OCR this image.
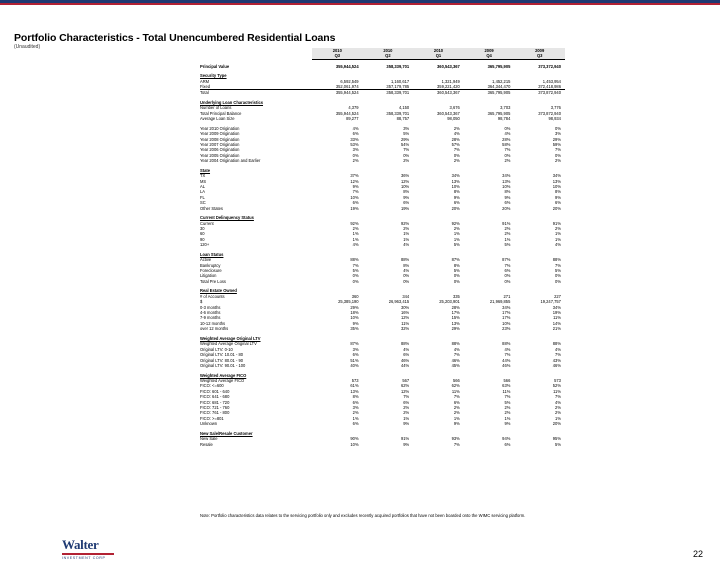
Portfolio Characteristics - Total Unencumbered Residential Loans
(Unaudited)
	2010	2010	2010	2009	2009
	Q3	Q2	Q1	Q4	Q3

Principal Value	355,944,524	358,339,701	360,543,367	365,795,905	373,372,940

Security Type					
ARM	6,592,549	1,160,617	1,321,949	1,452,215	1,453,954
Fixed	352,061,974	357,179,785	359,221,420	364,344,470	372,418,986
Total	355,944,524	358,339,701	360,543,367	365,795,905	373,872,940

Underlying Loan Characteristics					
Number of Loans	4,379	4,150	3,676	3,703	3,776
Total Principal Balance	355,944,524	358,339,701	360,543,367	365,795,905	373,872,940
Average Loan Size	89,277	88,757	98,050	98,784	98,934

Year 2010 Origination	4%	3%	2%	0%	0%
Year 2009 Origination	6%	5%	4%	4%	3%
Year 2008 Origination	33%	29%	28%	28%	29%
Year 2007 Origination	53%	54%	57%	58%	59%
Year 2006 Origination	3%	7%	7%	7%	7%
Year 2005 Origination	0%	0%	0%	0%	0%
Year 2004 Origination and Earlier	2%	2%	2%	2%	2%

State					
TX	37%	36%	34%	34%	34%
MS	12%	12%	13%	13%	13%
AL	9%	10%	10%	10%	10%
LA	7%	8%	8%	8%	8%
FL	10%	9%	9%	9%	9%
SC	6%	6%	6%	6%	6%
Other States	19%	19%	20%	20%	20%

Current Delinquency Status					
Current	92%	92%	92%	91%	91%
30	2%	2%	2%	2%	2%
60	1%	1%	1%	2%	1%
90	1%	1%	1%	1%	1%
120+	4%	4%	5%	5%	4%

Loan Status					
Active	88%	88%	87%	87%	88%
Bankruptcy	7%	8%	8%	7%	7%
Foreclosure	5%	4%	5%	6%	5%
Litigation	0%	0%	0%	0%	0%
Total Pre Loss	0%	0%	0%	0%	0%

Real Estate Owned					
# of Accounts	360	344	335	271	227
$	25,385,190	26,963,415	25,203,901	21,969,855	19,247,757
0-3 months	29%	30%	28%	34%	34%
4-6 months	18%	16%	17%	17%	19%
7-9 months	10%	12%	15%	17%	11%
10-12 months	9%	11%	13%	10%	14%
over 12 months	35%	32%	29%	23%	21%

Weighted Average Original LTV					
Weighted Average Original LTV	87%	88%	88%	88%	88%
Original LTV: 0-10	3%	4%	4%	4%	4%
Original LTV: 10.01 - 80	6%	6%	7%	7%	7%
Original LTV: 80.01 - 90	51%	46%	46%	44%	43%
Original LTV: 90.01 - 100	40%	44%	45%	46%	46%

Weighted Average FICO					
Weighted Average FICO	573	567	566	566	573
FICO: <=600	61%	62%	62%	63%	52%
FICO: 601 - 640	13%	12%	11%	11%	11%
FICO: 641 - 680	8%	7%	7%	7%	7%
FICO: 681 - 720	6%	6%	6%	5%	4%
FICO: 721 - 760	3%	2%	2%	2%	2%
FICO: 761 - 800	2%	2%	2%	2%	2%
FICO: >=801	1%	1%	1%	1%	1%
Unknown	6%	9%	9%	9%	20%

New Sale/Resale Customer					
New Sale	90%	91%	93%	94%	95%
Resale	10%	9%	7%	6%	5%
Note: Portfolio characteristics data relates to the servicing portfolio only and excludes recently acquired portfolios that have not been boarded onto the WIMC servicing platform.
Walter
INVESTMENT CORP	22
